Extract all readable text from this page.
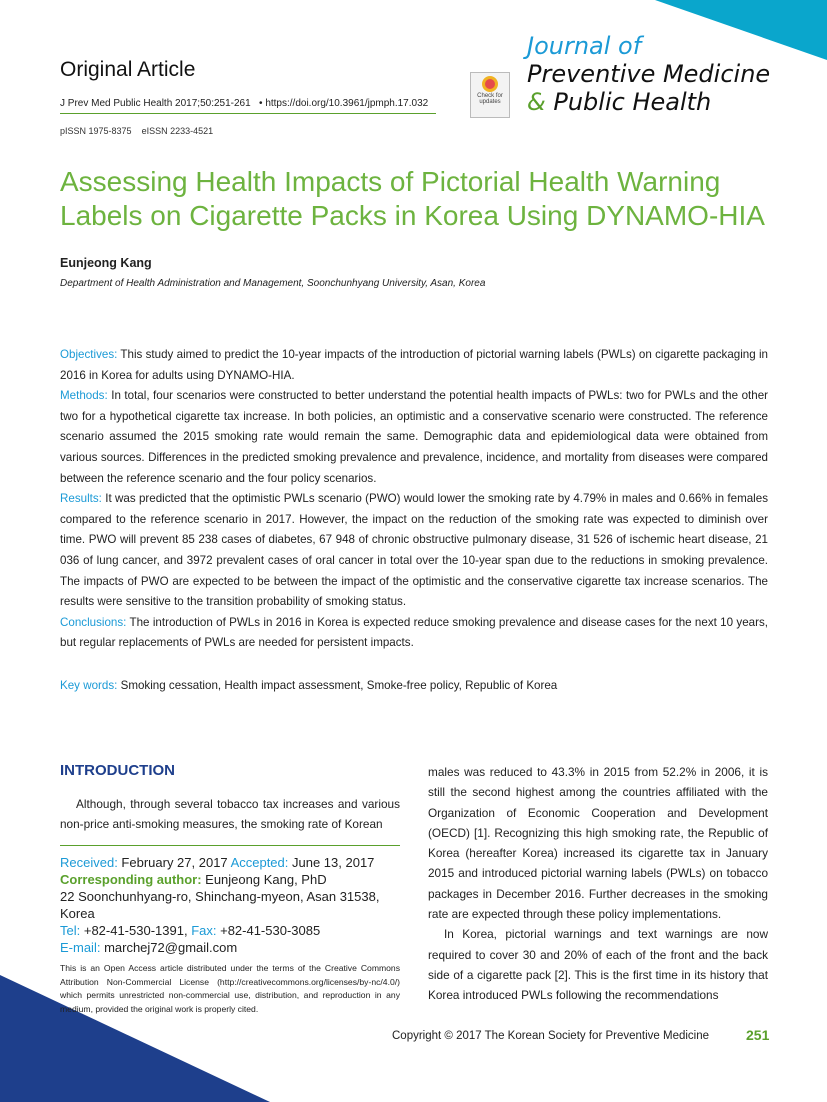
Original Article
J Prev Med Public Health 2017;50:251-261   • https://doi.org/10.3961/jpmph.17.032
pISSN 1975-8375 eISSN 2233-4521
Check for updates
Journal of
Preventive Medicine
& Public Health
Assessing Health Impacts of Pictorial Health Warning Labels on Cigarette Packs in Korea Using DYNAMO-HIA
Eunjeong Kang
Department of Health Administration and Management, Soonchunhyang University, Asan, Korea
Objectives: This study aimed to predict the 10-year impacts of the introduction of pictorial warning labels (PWLs) on cigarette packaging in 2016 in Korea for adults using DYNAMO-HIA.
Methods: In total, four scenarios were constructed to better understand the potential health impacts of PWLs: two for PWLs and the other two for a hypothetical cigarette tax increase. In both policies, an optimistic and a conservative scenario were constructed. The reference scenario assumed the 2015 smoking rate would remain the same. Demographic data and epidemiological data were obtained from various sources. Differences in the predicted smoking prevalence and prevalence, incidence, and mortality from diseases were compared between the reference scenario and the four policy scenarios.
Results: It was predicted that the optimistic PWLs scenario (PWO) would lower the smoking rate by 4.79% in males and 0.66% in females compared to the reference scenario in 2017. However, the impact on the reduction of the smoking rate was expected to diminish over time. PWO will prevent 85 238 cases of diabetes, 67 948 of chronic obstructive pulmonary disease, 31 526 of ischemic heart disease, 21 036 of lung cancer, and 3972 prevalent cases of oral cancer in total over the 10-year span due to the reductions in smoking prevalence. The impacts of PWO are expected to be between the impact of the optimistic and the conservative cigarette tax increase scenarios. The results were sensitive to the transition probability of smoking status.
Conclusions: The introduction of PWLs in 2016 in Korea is expected reduce smoking prevalence and disease cases for the next 10 years, but regular replacements of PWLs are needed for persistent impacts.
Key words: Smoking cessation, Health impact assessment, Smoke-free policy, Republic of Korea
INTRODUCTION

Although, through several tobacco tax increases and various non-price anti-smoking measures, the smoking rate of Korean

males was reduced to 43.3% in 2015 from 52.2% in 2006, it is still the second highest among the countries affiliated with the Organization of Economic Cooperation and Development (OECD) [1]. Recognizing this high smoking rate, the Republic of Korea (hereafter Korea) increased its cigarette tax in January 2015 and introduced pictorial warning labels (PWLs) on tobacco packages in December 2016. Further decreases in the smoking rate are expected through these policy implementations.

In Korea, pictorial warnings and text warnings are now required to cover 30 and 20% of each of the front and the back side of a cigarette pack [2]. This is the first time in its history that Korea introduced PWLs following the recommendations

Received: February 27, 2017 Accepted: June 13, 2017
Corresponding author: Eunjeong Kang, PhD
22 Soonchunhyang-ro, Shinchang-myeon, Asan 31538, Korea
Tel: +82-41-530-1391, Fax: +82-41-530-3085
E-mail: marchej72@gmail.com
This is an Open Access article distributed under the terms of the Creative Commons Attribution Non-Commercial License (http://creativecommons.org/licenses/by-nc/4.0/) which permits unrestricted non-commercial use, distribution, and reproduction in any medium, provided the original work is properly cited.
Copyright © 2017 The Korean Society for Preventive Medicine	251
